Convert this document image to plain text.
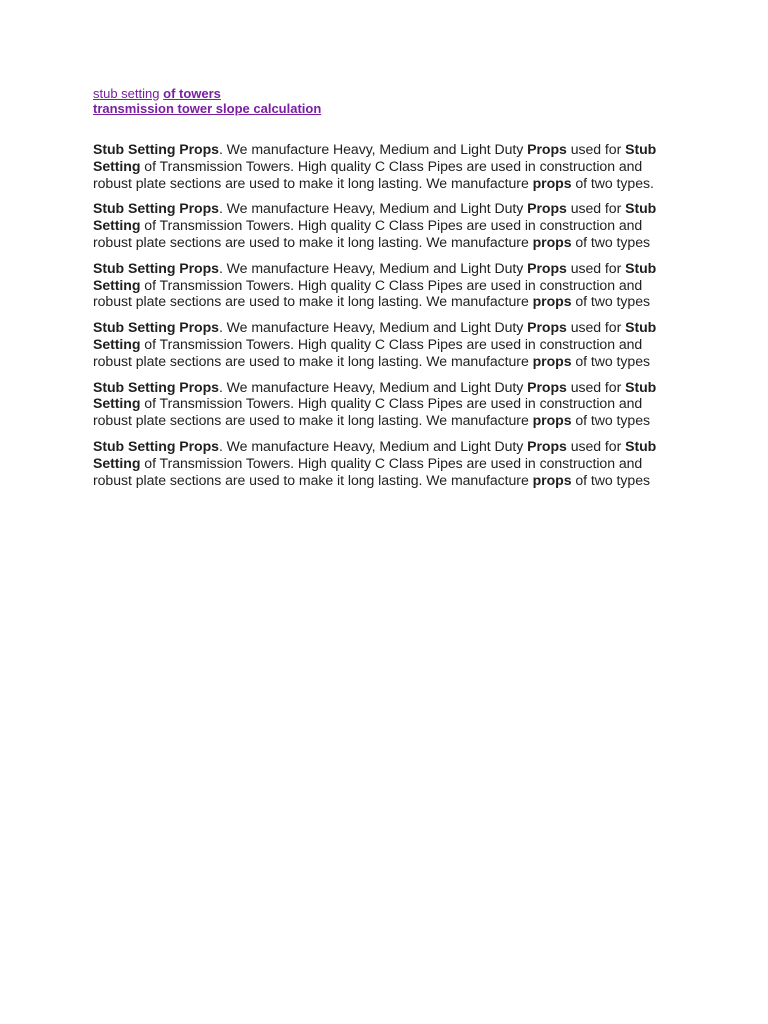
stub setting of towers
transmission tower slope calculation

Stub Setting Props. We manufacture Heavy, Medium and Light Duty Props used for Stub Setting of Transmission Towers. High quality C Class Pipes are used in construction and robust plate sections are used to make it long lasting. We manufacture props of two types.

Stub Setting Props. We manufacture Heavy, Medium and Light Duty Props used for Stub Setting of Transmission Towers. High quality C Class Pipes are used in construction and robust plate sections are used to make it long lasting. We manufacture props of two types

Stub Setting Props. We manufacture Heavy, Medium and Light Duty Props used for Stub Setting of Transmission Towers. High quality C Class Pipes are used in construction and robust plate sections are used to make it long lasting. We manufacture props of two types

Stub Setting Props. We manufacture Heavy, Medium and Light Duty Props used for Stub Setting of Transmission Towers. High quality C Class Pipes are used in construction and robust plate sections are used to make it long lasting. We manufacture props of two types

Stub Setting Props. We manufacture Heavy, Medium and Light Duty Props used for Stub Setting of Transmission Towers. High quality C Class Pipes are used in construction and robust plate sections are used to make it long lasting. We manufacture props of two types

Stub Setting Props. We manufacture Heavy, Medium and Light Duty Props used for Stub Setting of Transmission Towers. High quality C Class Pipes are used in construction and robust plate sections are used to make it long lasting. We manufacture props of two types
